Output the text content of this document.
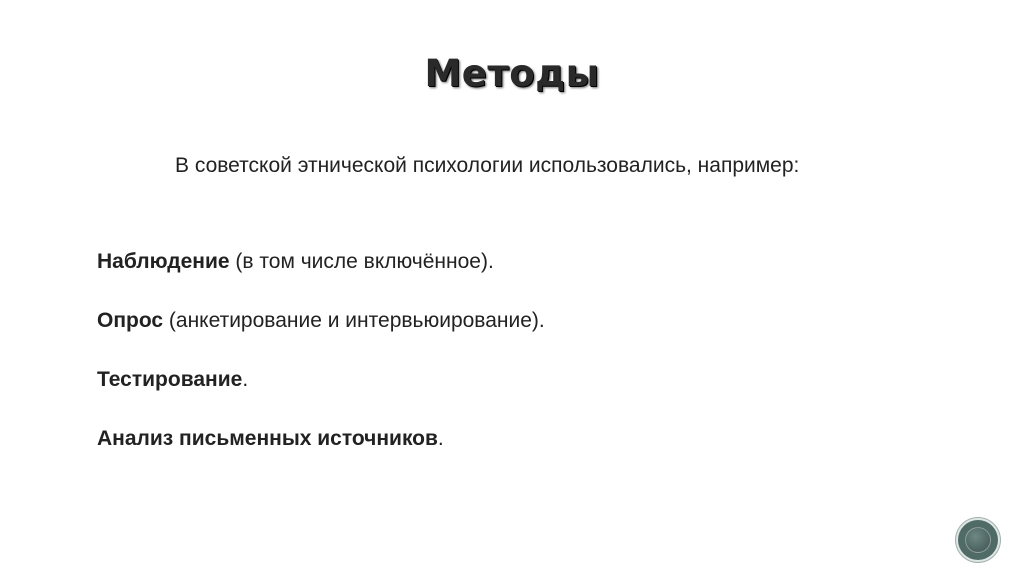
Методы
В советской этнической психологии использовались, например:
Наблюдение (в том числе включённое).
Опрос (анкетирование и интервьюирование).
Тестирование.
Анализ письменных источников.
